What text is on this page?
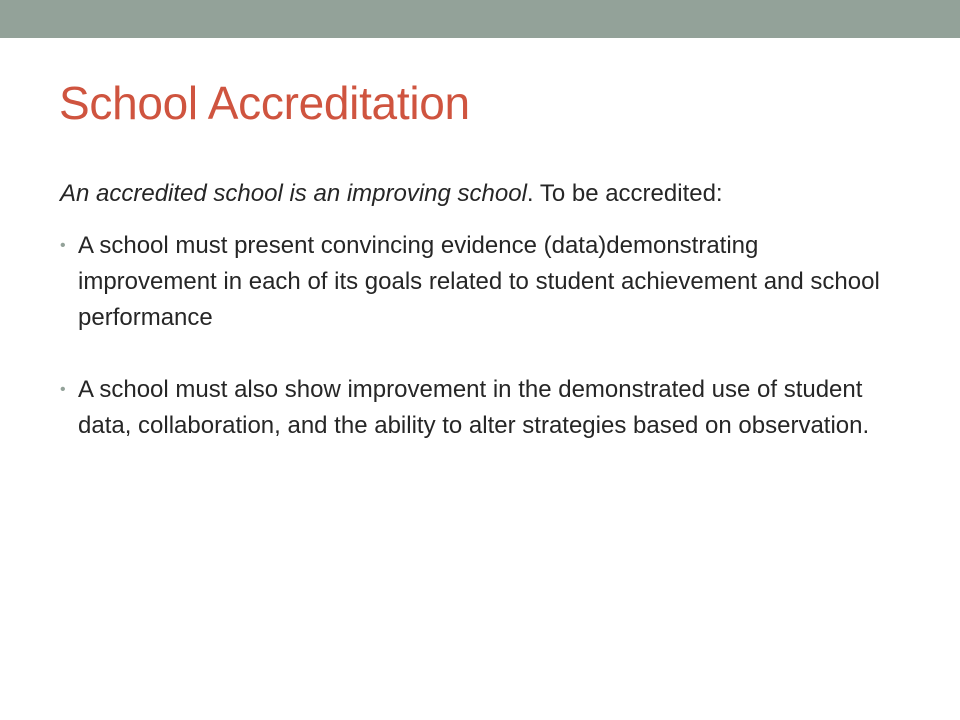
School Accreditation

An accredited school is an improving school. To be accredited:

• A school must present convincing evidence (data)demonstrating improvement in each of its goals related to student achievement and school performance
• A school must also show improvement in the demonstrated use of student data, collaboration, and the ability to alter strategies based on observation.
